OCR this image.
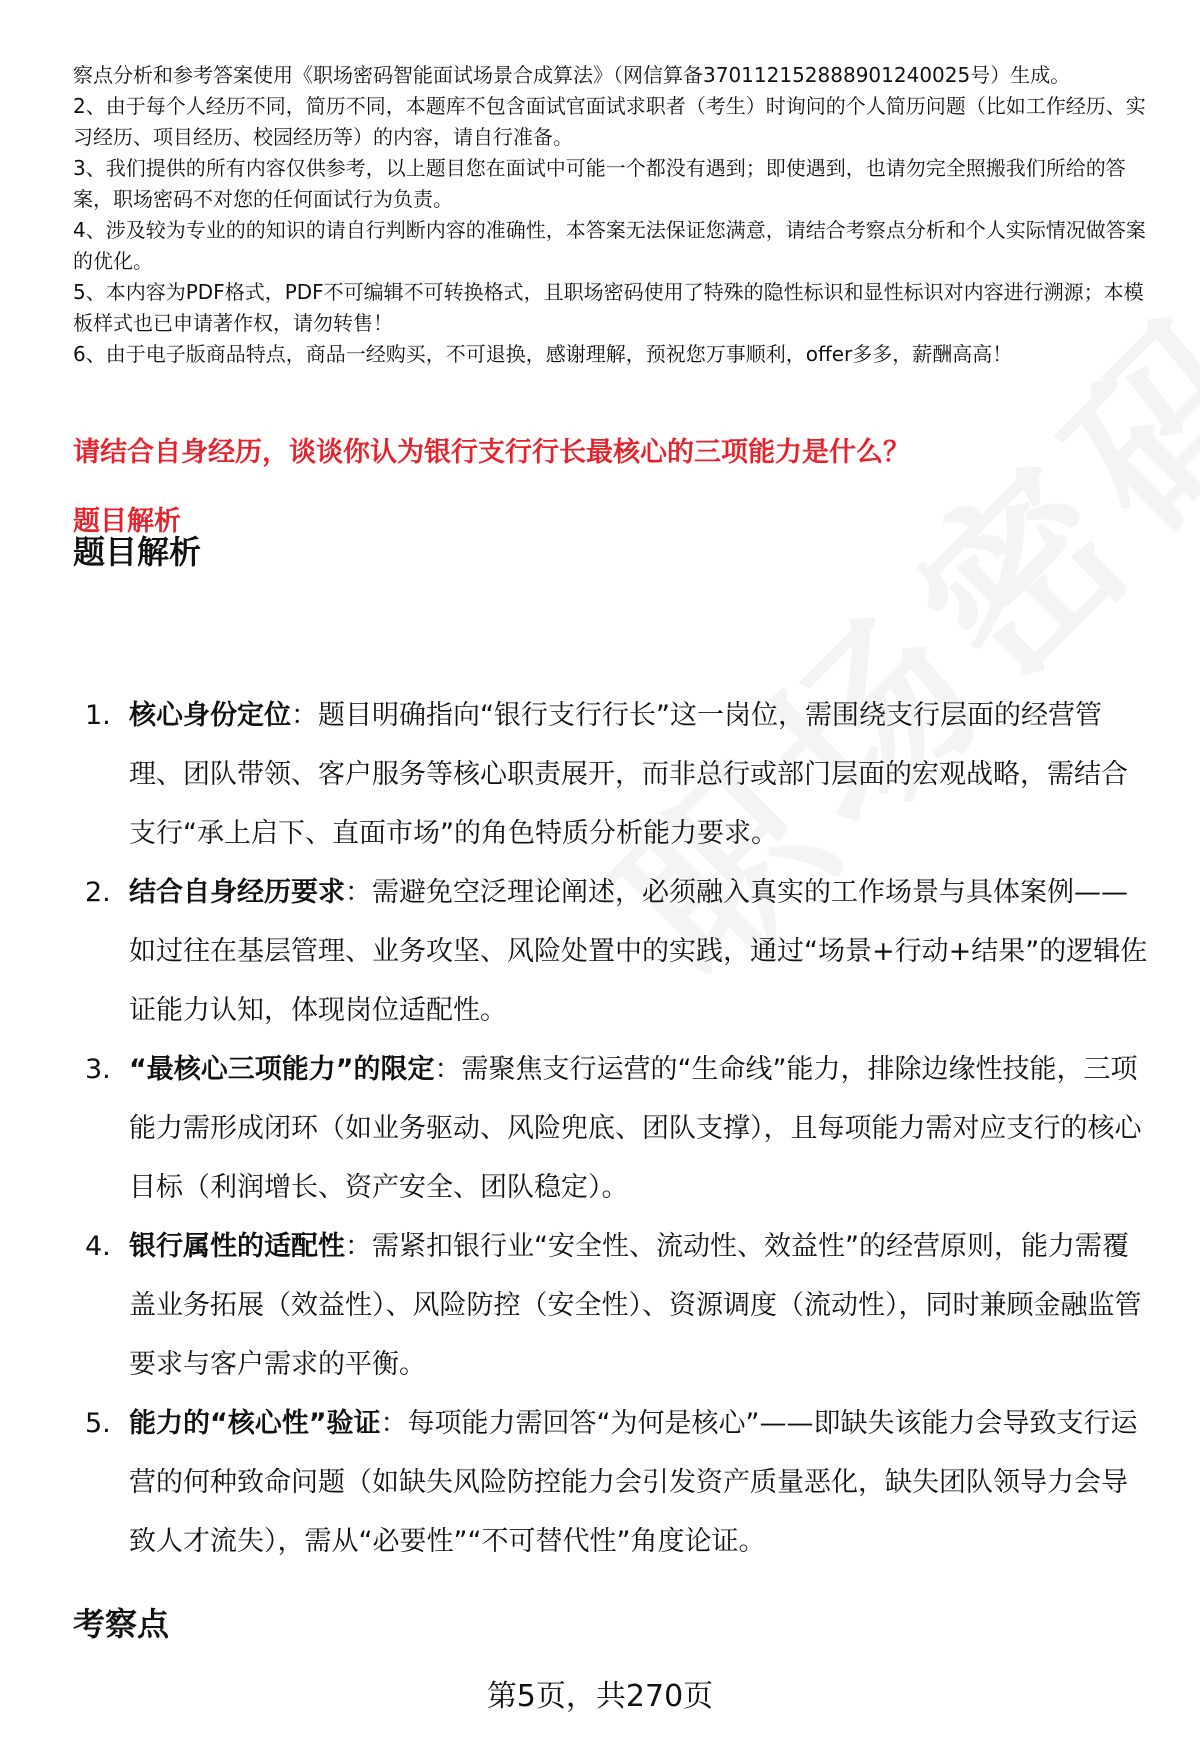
察点分析和参考答案使用《职场密码智能面试场景合成算法》（网信算备370112152888901240025号）生成。

2、由于每个人经历不同，简历不同，本题库不包含面试官面试求职者（考生）时询问的个人简历问题（比如工作经历、实习经历、项目经历、校园经历等）的内容，请自行准备。

3、我们提供的所有内容仅供参考，以上题目您在面试中可能一个都没有遇到；即使遇到，也请勿完全照搬我们所给的答案，职场密码不对您的任何面试行为负责。

4、涉及较为专业的的知识的请自行判断内容的准确性，本答案无法保证您满意，请结合考察点分析和个人实际情况做答案的优化。

5、本内容为PDF格式，PDF不可编辑不可转换格式，且职场密码使用了特殊的隐性标识和显性标识对内容进行溯源；本模板样式也已申请著作权，请勿转售！

6、由于电子版商品特点，商品一经购买，不可退换，感谢理解，预祝您万事顺利，offer多多，薪酬高高！

请结合自身经历，谈谈你认为银行支行行长最核心的三项能力是什么？
题目解析
题目解析
1. 核心身份定位：题目明确指向“银行支行行长”这一岗位，需围绕支行层面的经营管理、团队带领、客户服务等核心职责展开，而非总行或部门层面的宏观战略，需结合支行“承上启下、直面市场”的角色特质分析能力要求。
2. 结合自身经历要求：需避免空泛理论阐述，必须融入真实的工作场景与具体案例——如过往在基层管理、业务攻坚、风险处置中的实践，通过“场景+行动+结果”的逻辑佐证能力认知，体现岗位适配性。
3. “最核心三项能力”的限定：需聚焦支行运营的“生命线”能力，排除边缘性技能，三项能力需形成闭环（如业务驱动、风险兜底、团队支撑），且每项能力需对应支行的核心目标（利润增长、资产安全、团队稳定）。
4. 银行属性的适配性：需紧扣银行业“安全性、流动性、效益性”的经营原则，能力需覆盖业务拓展（效益性）、风险防控（安全性）、资源调度（流动性），同时兼顾金融监管要求与客户需求的平衡。
5. 能力的“核心性”验证：每项能力需回答“为何是核心”——即缺失该能力会导致支行运营的何种致命问题（如缺失风险防控能力会引发资产质量恶化，缺失团队领导力会导致人才流失），需从“必要性”“不可替代性”角度论证。
考察点
第5页，共270页
